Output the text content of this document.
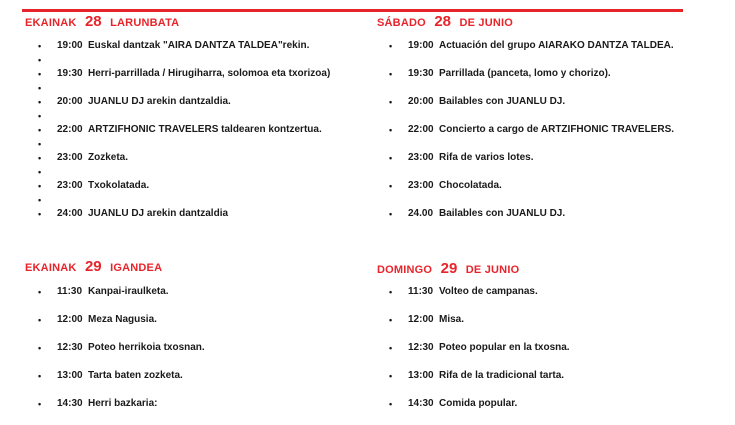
EKAINAK 28 LARUNBATA
• 19:00 Euskal dantzak "AIRA DANTZA TALDEA"rekin.
•
• 19:30 Herri-parrillada / Hirugiharra, solomoa eta txorizoa)
•
• 20:00 JUANLU DJ arekin dantzaldia.
•
• 22:00 ARTZIFHONIC TRAVELERS taldearen kontzertua.
•
• 23:00 Zozketa.
•
• 23:00 Txokolatada.
•
• 24:00 JUANLU DJ arekin dantzaldia
SÁBADO 28 DE JUNIO
• 19:00 Actuación del grupo AIARAKO DANTZA TALDEA.
• 19:30 Parrillada (panceta, lomo y chorizo).
• 20:00 Bailables con JUANLU DJ.
• 22:00 Concierto a cargo de ARTZIFHONIC TRAVELERS.
• 23:00 Rifa de varios lotes.
• 23:00 Chocolatada.
• 24.00 Bailables con JUANLU DJ.
EKAINAK 29 IGANDEA
• 11:30 Kanpai-iraulketa.
• 12:00 Meza Nagusia.
• 12:30 Poteo herrikoia txosnan.
• 13:00 Tarta baten zozketa.
• 14:30 Herri bazkaria:
DOMINGO 29 DE JUNIO
• 11:30 Volteo de campanas.
• 12:00 Misa.
• 12:30 Poteo popular en la txosna.
• 13:00 Rifa de la tradicional tarta.
• 14:30 Comida popular.
